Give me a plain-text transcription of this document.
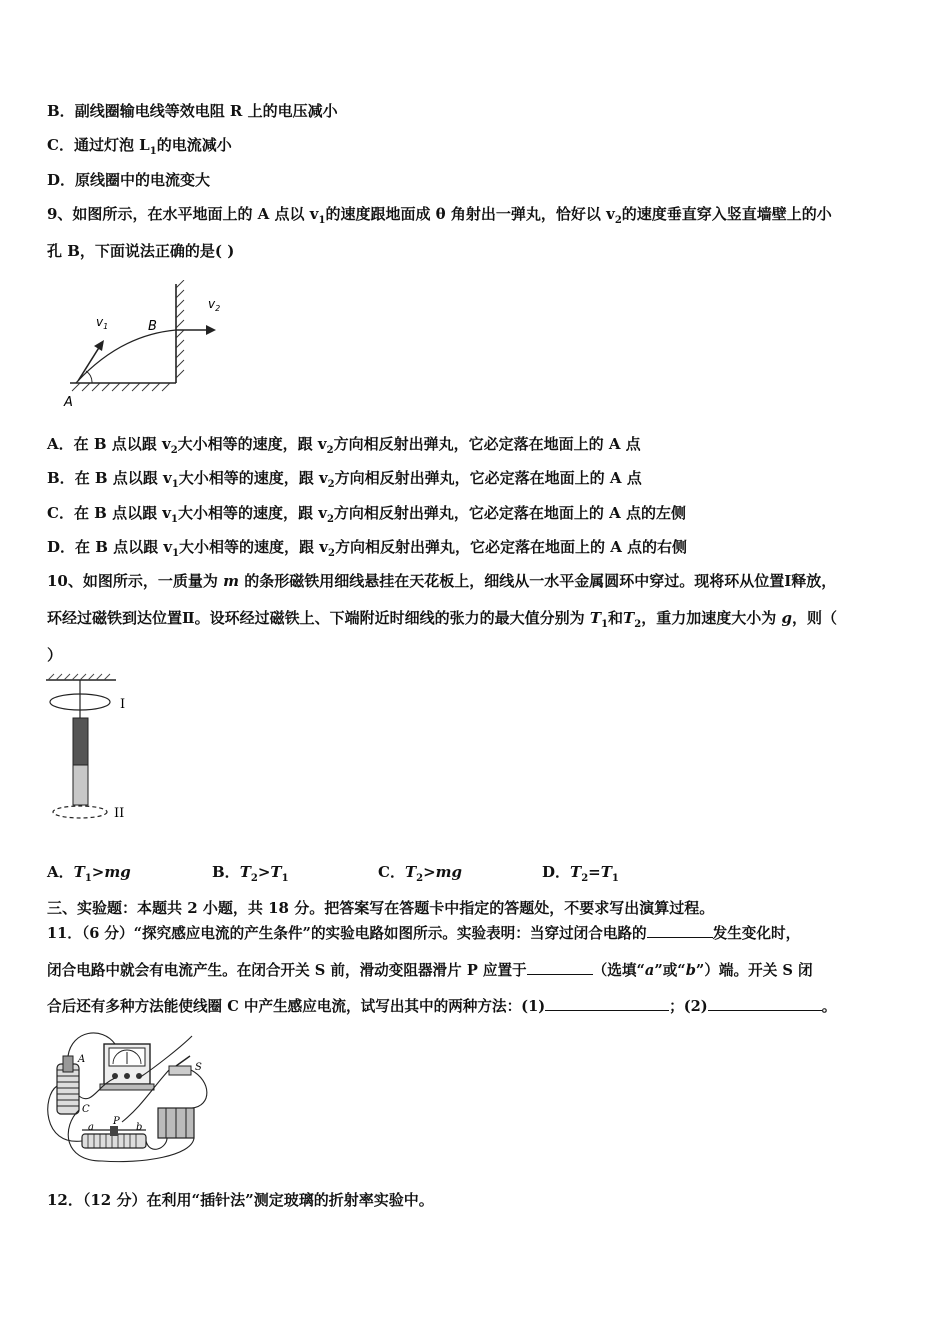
B．副线圈输电线等效电阻 R 上的电压减小
C．通过灯泡 $L_1$的电流减小
D．原线圈中的电流变大
9、如图所示，在水平地面上的 A 点以 $v_1$的速度跟地面成 θ 角射出一弹丸，恰好以 $v_2$的速度垂直穿入竖直墙壁上的小
孔 B，下面说法正确的是( )
$v_1$	B
$v_2$
A
A．在 B 点以跟 $v_2$大小相等的速度，跟 $v_2$方向相反射出弹丸，它必定落在地面上的 A 点
B．在 B 点以跟 $v_1$大小相等的速度，跟 $v_2$方向相反射出弹丸，它必定落在地面上的 A 点
C．在 B 点以跟 $v_1$大小相等的速度，跟 $v_2$方向相反射出弹丸，它必定落在地面上的 A 点的左侧
D．在 B 点以跟 $v_1$大小相等的速度，跟 $v_2$方向相反射出弹丸，它必定落在地面上的 A 点的右侧
10、如图所示，一质量为 m 的条形磁铁用细线悬挂在天花板上，细线从一水平金属圆环中穿过。现将环从位置Ⅰ释放，
环经过磁铁到达位置Ⅱ。设环经过磁铁上、下端附近时细线的张力的最大值分别为 $T_1$和$T_2$，重力加速度大小为 g，则（
）
I
II
A．$T_1>mg$	B．$T_2>T_1$	C．$T_2>mg$	D．$T_2=T_1$
三、实验题：本题共 2 小题，共 18 分。把答案写在答题卡中指定的答题处，不要求写出演算过程。
11．（6 分）“探究感应电流的产生条件”的实验电路如图所示。实验表明：当穿过闭合电路的	发生变化时，
闭合电路中就会有电流产生。在闭合开关 S 前，滑动变阻器滑片 P 应置于	（选填“a”或“b”）端。开关 S 闭
合后还有多种方法能使线圈 C 中产生感应电流，试写出其中的两种方法：(1)	；(2)	。
A
C
S
a
P
b
12．（12 分）在利用“插针法”测定玻璃的折射率实验中。
